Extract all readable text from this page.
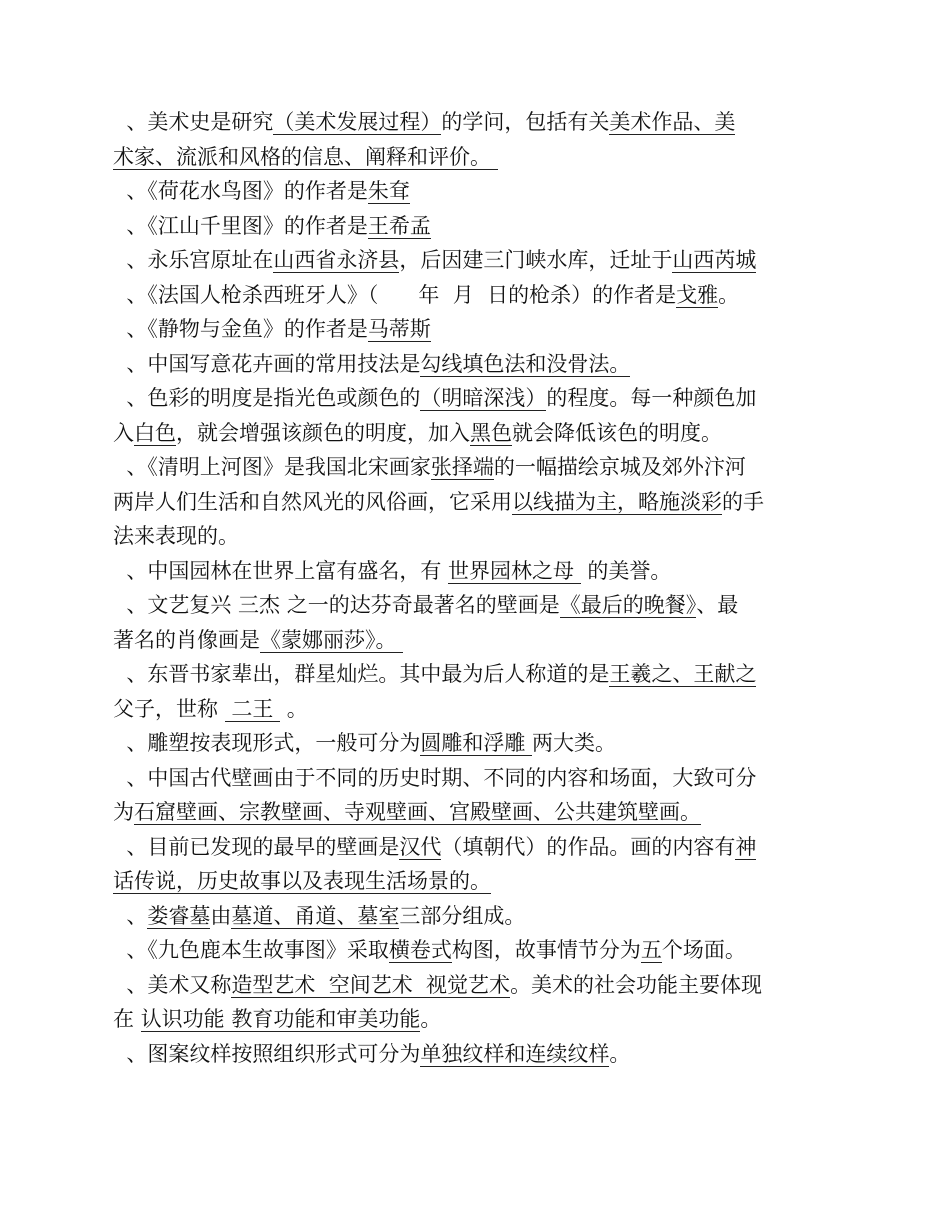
、美术史是研究（美术发展过程）的学问，包括有关美术作品、美
术家、流派和风格的信息、阐释和评价。
、《荷花水鸟图》的作者是朱耷
、《江山千里图》的作者是王希孟
、永乐宫原址在山西省永济县，后因建三门峡水库，迁址于山西芮城
、《法国人枪杀西班牙人》（      年  月  日的枪杀）的作者是戈雅。
、《静物与金鱼》的作者是马蒂斯
、中国写意花卉画的常用技法是勾线填色法和没骨法。
、色彩的明度是指光色或颜色的（明暗深浅）的程度。每一种颜色加
入白色，就会增强该颜色的明度，加入黑色就会降低该色的明度。
、《清明上河图》是我国北宋画家张择端的一幅描绘京城及郊外汴河
两岸人们生活和自然风光的风俗画，它采用以线描为主，略施淡彩的手
法来表现的。
、中国园林在世界上富有盛名，有 世界园林之母  的美誉。
、文艺复兴 三杰 之一的达芬奇最著名的壁画是《最后的晚餐》、最
著名的肖像画是《蒙娜丽莎》。
、东晋书家辈出，群星灿烂。其中最为后人称道的是王羲之、王献之
父子，世称  二王  。
、雕塑按表现形式，一般可分为圆雕和浮雕 两大类。
、中国古代壁画由于不同的历史时期、不同的内容和场面，大致可分
为石窟壁画、宗教壁画、寺观壁画、宫殿壁画、公共建筑壁画。
、目前已发现的最早的壁画是汉代（填朝代）的作品。画的内容有神
话传说，历史故事以及表现生活场景的。
、娄睿墓由墓道、甬道、墓室三部分组成。
、《九色鹿本生故事图》采取横卷式构图，故事情节分为五个场面。
、美术又称造型艺术  空间艺术  视觉艺术。美术的社会功能主要体现
在 认识功能 教育功能和审美功能。
、图案纹样按照组织形式可分为单独纹样和连续纹样。
